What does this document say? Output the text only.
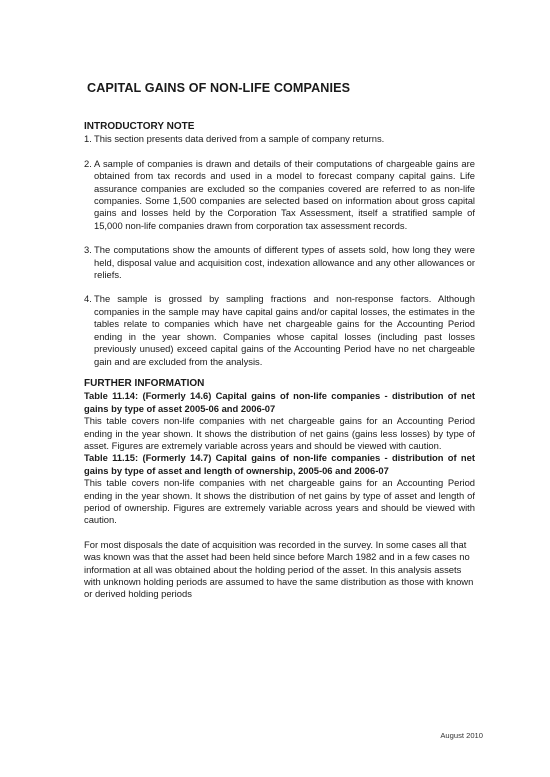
CAPITAL GAINS OF NON-LIFE COMPANIES

INTRODUCTORY NOTE

1. This section presents data derived from a sample of company returns.
2. A sample of companies is drawn and details of their computations of chargeable gains are obtained from tax records and used in a model to forecast company capital gains. Life assurance companies are excluded so the companies covered are referred to as non-life companies. Some 1,500 companies are selected based on information about gross capital gains and losses held by the Corporation Tax Assessment, itself a stratified sample of 15,000 non-life companies drawn from corporation tax assessment records.
3. The computations show the amounts of different types of assets sold, how long they were held, disposal value and acquisition cost, indexation allowance and any other allowances or reliefs.
4. The sample is grossed by sampling fractions and non-response factors. Although companies in the sample may have capital gains and/or capital losses, the estimates in the tables relate to companies which have net chargeable gains for the Accounting Period ending in the year shown. Companies whose capital losses (including past losses previously unused) exceed capital gains of the Accounting Period have no net chargeable gain and are excluded from the analysis.

FURTHER INFORMATION

Table 11.14: (Formerly 14.6) Capital gains of non-life companies - distribution of net gains by type of asset 2005-06 and 2006-07

This table covers non-life companies with net chargeable gains for an Accounting Period ending in the year shown. It shows the distribution of net gains (gains less losses) by type of asset. Figures are extremely variable across years and should be viewed with caution.

Table 11.15: (Formerly 14.7) Capital gains of non-life companies - distribution of net gains by type of asset and length of ownership, 2005-06 and 2006-07

This table covers non-life companies with net chargeable gains for an Accounting Period ending in the year shown. It shows the distribution of net gains by type of asset and length of period of ownership. Figures are extremely variable across years and should be viewed with caution.

For most disposals the date of acquisition was recorded in the survey. In some cases all that was known was that the asset had been held since before March 1982 and in a few cases no information at all was obtained about the holding period of the asset. In this analysis assets with unknown holding periods are assumed to have the same distribution as those with known or derived holding periods

August 2010
